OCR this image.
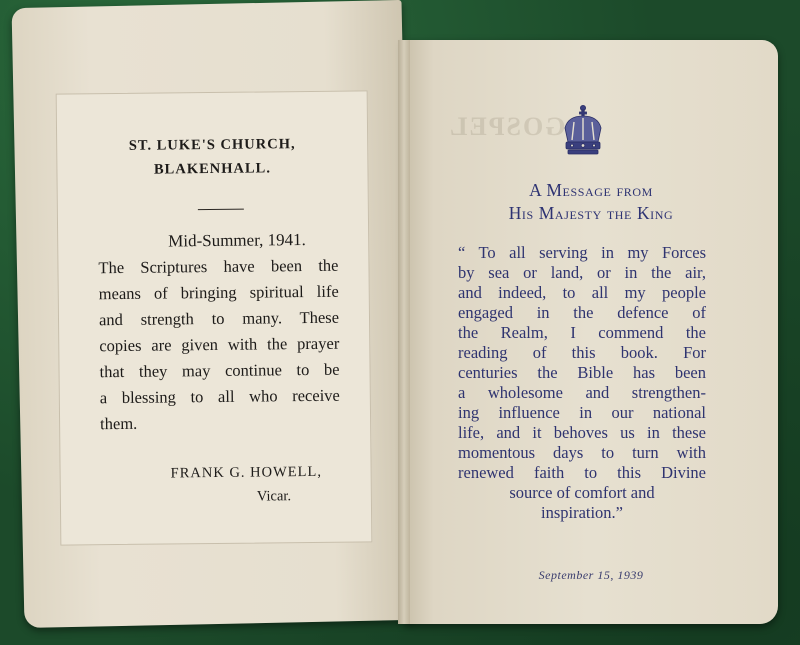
ST. LUKE'S CHURCH,
BLAKENHALL.
Mid-Summer, 1941.
The Scriptures have been the
means of bringing spiritual life
and strength to many. These
copies are given with the prayer
that they may continue to be
a blessing to all who receive
them.
FRANK G. HOWELL,
Vicar.
GOSPEL
A Message from
His Majesty the King
“ To all serving in my Forces
by sea or land, or in the air,
and indeed, to all my people
engaged in the defence of
the Realm, I commend the
reading of this book. For
centuries the Bible has been
a wholesome and strengthen-
ing influence in our national
life, and it behoves us in these
momentous days to turn with
renewed faith to this Divine
source of comfort and
inspiration.”
September 15, 1939
